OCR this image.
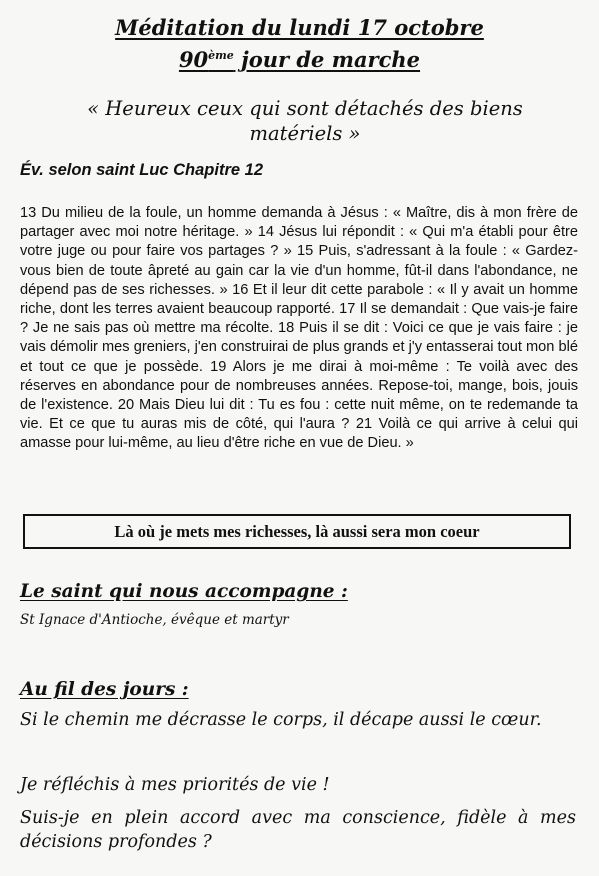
Méditation du lundi 17 octobre
90ème jour de marche
« Heureux ceux qui sont détachés des biens matériels »
Év. selon saint Luc Chapitre 12
13 Du milieu de la foule, un homme demanda à Jésus : « Maître, dis à mon frère de partager avec moi notre héritage. » 14 Jésus lui répondit : « Qui m'a établi pour être votre juge ou pour faire vos partages ? » 15 Puis, s'adressant à la foule : « Gardez-vous bien de toute âpreté au gain car la vie d'un homme, fût-il dans l'abondance, ne dépend pas de ses richesses. » 16 Et il leur dit cette parabole : « Il y avait un homme riche, dont les terres avaient beaucoup rapporté. 17 Il se demandait : Que vais-je faire ? Je ne sais pas où mettre ma récolte. 18 Puis il se dit : Voici ce que je vais faire : je vais démolir mes greniers, j'en construirai de plus grands et j'y entasserai tout mon blé et tout ce que je possède. 19 Alors je me dirai à moi-même : Te voilà avec des réserves en abondance pour de nombreuses années. Repose-toi, mange, bois, jouis de l'existence. 20 Mais Dieu lui dit : Tu es fou : cette nuit même, on te redemande ta vie. Et ce que tu auras mis de côté, qui l'aura ? 21 Voilà ce qui arrive à celui qui amasse pour lui-même, au lieu d'être riche en vue de Dieu. »
Là où je mets mes richesses, là aussi sera mon coeur
Le saint qui nous accompagne :
St Ignace d'Antioche, évêque et martyr
Au fil des jours :
Si le chemin me décrasse le corps, il décape aussi le cœur.
Je réfléchis à mes priorités de vie !
Suis-je en plein accord avec ma conscience, fidèle à mes décisions profondes ?
